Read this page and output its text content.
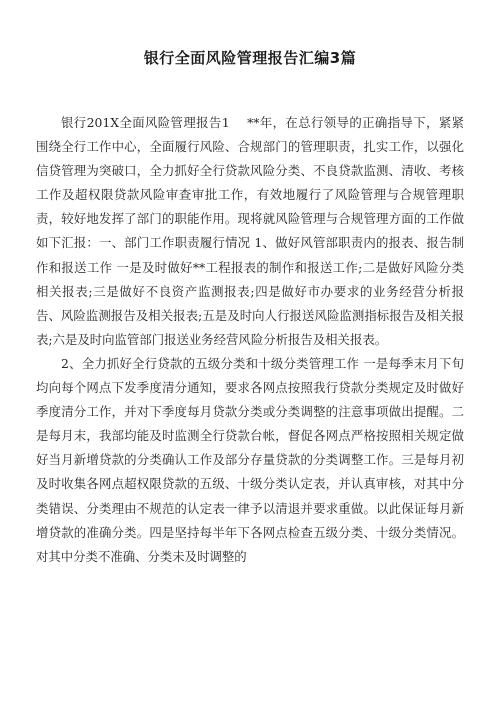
银行全面风险管理报告汇编3篇

银行201X全面风险管理报告1　 **年，在总行领导的正确指导下，紧紧围绕全行工作中心，全面履行风险、合规部门的管理职责，扎实工作，以强化信贷管理为突破口，全力抓好全行贷款风险分类、不良贷款监测、清收、考核工作及超权限贷款风险审查审批工作，有效地履行了风险管理与合规管理职责，较好地发挥了部门的职能作用。现将就风险管理与合规管理方面的工作做如下汇报：一、部门工作职责履行情况 1、做好风管部职责内的报表、报告制作和报送工作 一是及时做好**工程报表的制作和报送工作;二是做好风险分类相关报表;三是做好不良资产监测报表;四是做好市办要求的业务经营分析报告、风险监测报告及相关报表;五是及时向人行报送风险监测指标报告及相关报表;六是及时向监管部门报送业务经营风险分析报告及相关报表。

2、全力抓好全行贷款的五级分类和十级分类管理工作 一是每季末月下旬均向每个网点下发季度清分通知，要求各网点按照我行贷款分类规定及时做好季度清分工作，并对下季度每月贷款分类或分类调整的注意事项做出提醒。二是每月末，我部均能及时监测全行贷款台帐，督促各网点严格按照相关规定做好当月新增贷款的分类确认工作及部分存量贷款的分类调整工作。三是每月初及时收集各网点超权限贷款的五级、十级分类认定表，并认真审核，对其中分类错误、分类理由不规范的认定表一律予以清退并要求重做。以此保证每月新增贷款的准确分类。四是坚持每半年下各网点检查五级分类、十级分类情况。对其中分类不准确、分类未及时调整的
